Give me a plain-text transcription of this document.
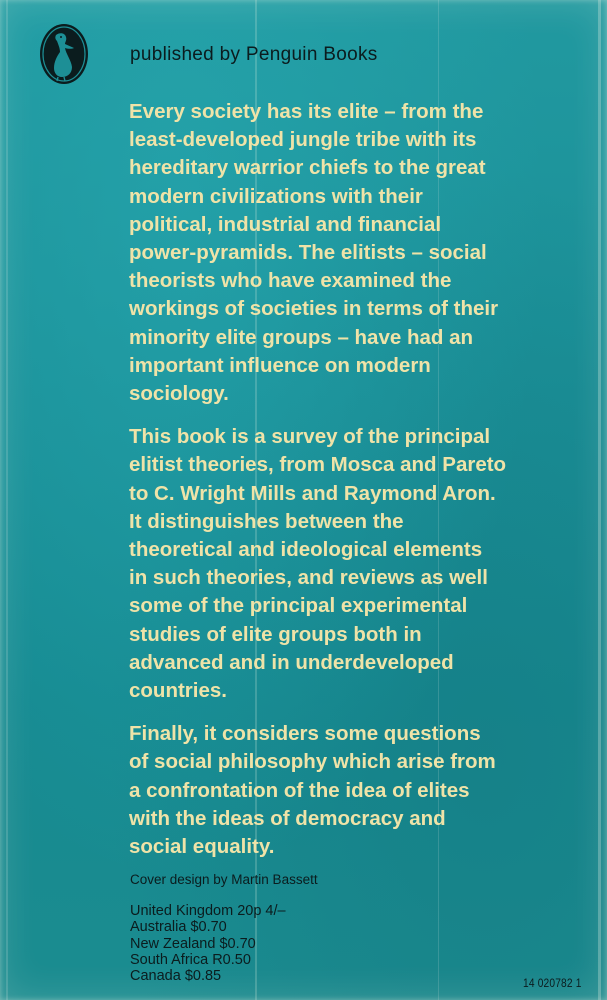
published by Penguin Books

Every society has its elite – from the
least-developed jungle tribe with its
hereditary warrior chiefs to the great
modern civilizations with their
political, industrial and financial
power-pyramids. The elitists – social
theorists who have examined the
workings of societies in terms of their
minority elite groups – have had an
important influence on modern
sociology.

This book is a survey of the principal
elitist theories, from Mosca and Pareto
to C. Wright Mills and Raymond Aron.
It distinguishes between the
theoretical and ideological elements
in such theories, and reviews as well
some of the principal experimental
studies of elite groups both in
advanced and in underdeveloped
countries.

Finally, it considers some questions
of social philosophy which arise from
a confrontation of the idea of elites
with the ideas of democracy and
social equality.

Cover design by Martin Bassett
United Kingdom 20p 4/–
Australia $0.70
New Zealand $0.70
South Africa R0.50
Canada $0.85	14 020782 1
